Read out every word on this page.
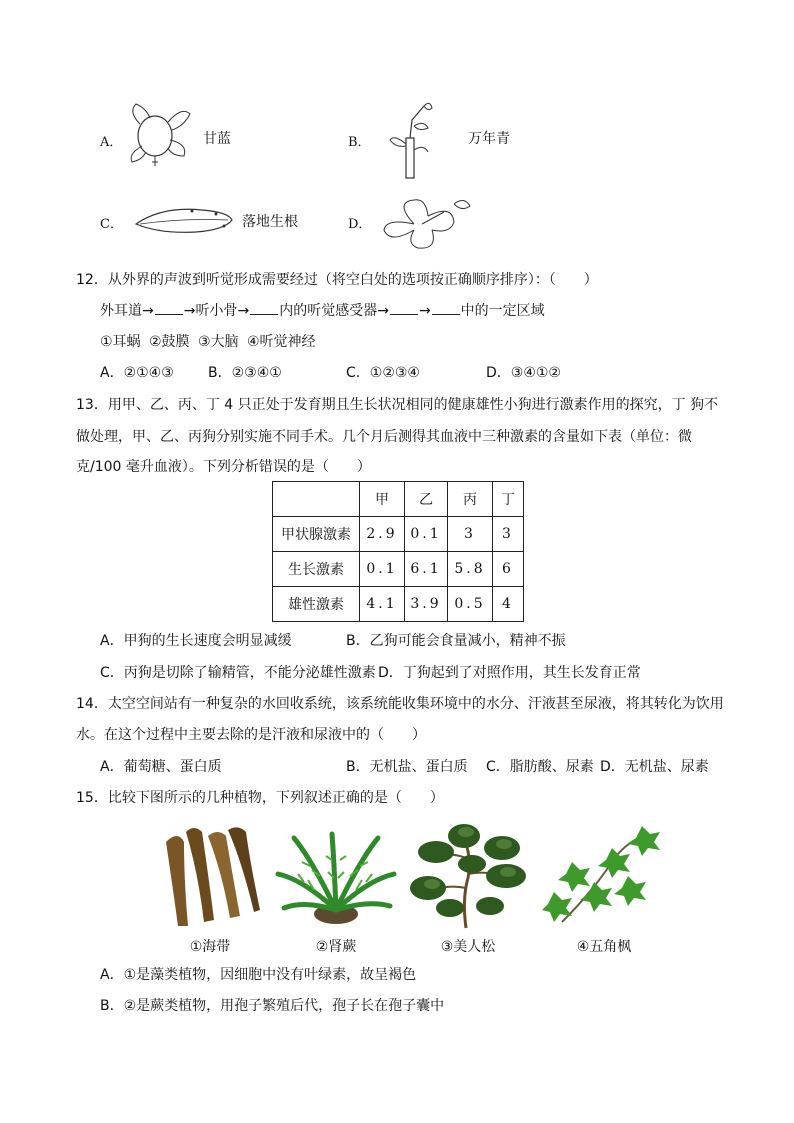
A．	甘蓝	B．	万年青
C．	落地生根	D．
12．从外界的声波到听觉形成需要经过（将空白处的选项按正确顺序排序）：（　　）
外耳道→ →听小骨→ 内的听觉感受器→ → 中的一定区域
①耳蜗 ②鼓膜 ③大脑 ④听觉神经
A．②①④③ B．②③④①	C．①②③④	D．③④①②
13．用甲、乙、丙、丁 4 只正处于发育期且生长状况相同的健康雄性小狗进行激素作用的探究，丁 狗不
做处理，甲、乙、丙狗分别实施不同手术。几个月后测得其血液中三种激素的含量如下表（单位：微
克/100 毫升血液）。下列分析错误的是（　　）
	甲	乙	丙	丁
甲状腺激素	2.9	0.1	3	3
生长激素	0.1	6.1	5.8	6
雄性激素	4.1	3.9	0.5	4
A．甲狗的生长速度会明显减缓	B．乙狗可能会食量减小，精神不振
C．丙狗是切除了输精管，不能分泌雄性激素 D．丁狗起到了对照作用，其生长发育正常
14．太空空间站有一种复杂的水回收系统，该系统能收集环境中的水分、汗液甚至尿液，将其转化为饮用
水。在这个过程中主要去除的是汗液和尿液中的（　　）
A．葡萄糖、蛋白质	B．无机盐、蛋白质 C．脂肪酸、尿素 D．无机盐、尿素
15．比较下图所示的几种植物，下列叙述正确的是（　　）
①海带	②肾蕨	③美人松	④五角枫
A．①是藻类植物，因细胞中没有叶绿素，故呈褐色
B．②是蕨类植物，用孢子繁殖后代，孢子长在孢子囊中
